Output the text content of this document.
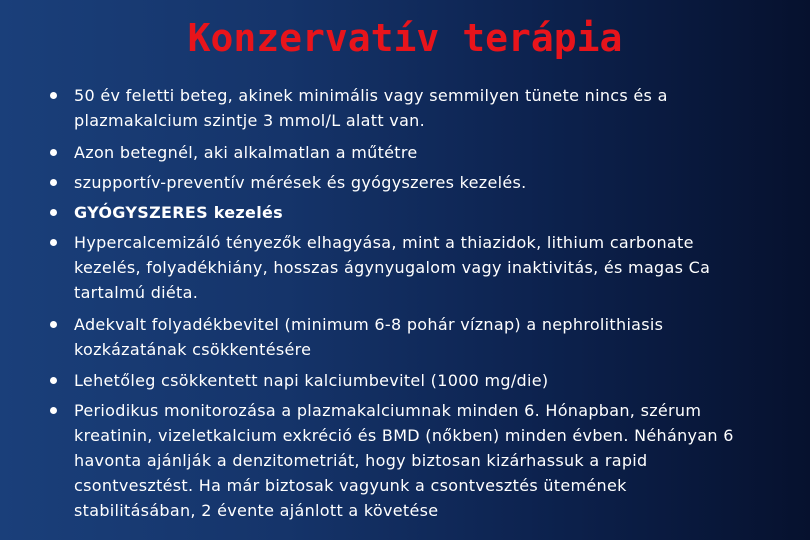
Konzervatív terápia
50 év feletti beteg, akinek minimális vagy semmilyen tünete nincs és a plazmakalcium szintje 3 mmol/L alatt van.
Azon betegnél, aki alkalmatlan a műtétre
szupportív-preventív mérések és gyógyszeres kezelés.
GYÓGYSZERES kezelés
Hypercalcemizáló tényezők elhagyása, mint a thiazidok, lithium carbonate kezelés, folyadékhiány, hosszas ágynyugalom vagy inaktivitás, és magas Ca tartalmú diéta.
Adekvalt folyadékbevitel (minimum 6-8 pohár víznap) a nephrolithiasis kozkázatának csökkentésére
Lehetőleg csökkentett napi kalciumbevitel (1000 mg/die)
Periodikus monitorozása a plazmakalciumnak minden 6. Hónapban, szérum kreatinin, vizeletkalcium exkréció és BMD (nőkben) minden évben. Néhányan 6 havonta ajánlják a denzitometriát, hogy biztosan kizárhassuk a rapid csontvesztést. Ha már biztosak vagyunk a csontvesztés ütemének stabilitásában, 2 évente ajánlott a követése
